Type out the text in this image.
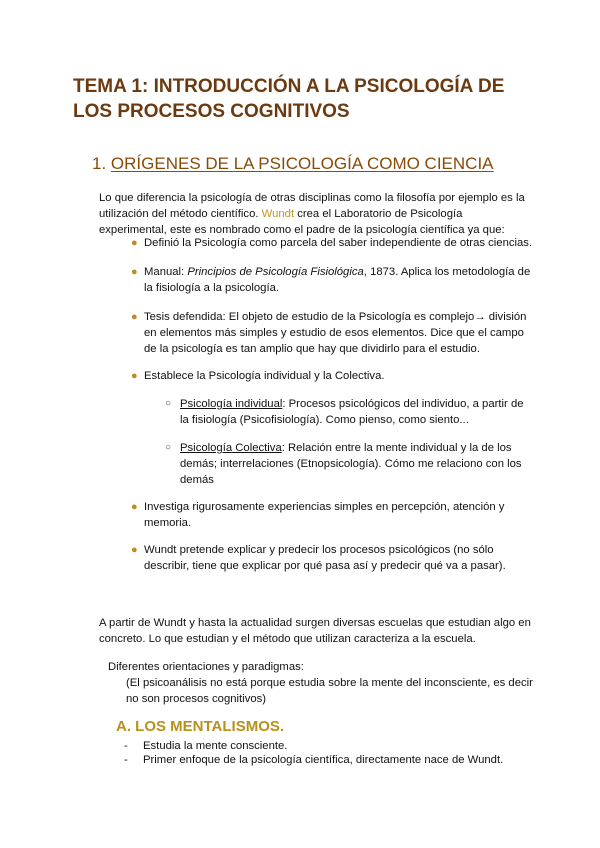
TEMA 1: INTRODUCCIÓN A LA PSICOLOGÍA DE
LOS PROCESOS COGNITIVOS
1. ORÍGENES DE LA PSICOLOGÍA COMO CIENCIA

Lo que diferencia la psicología de otras disciplinas como la filosofía por ejemplo es la
utilización del método científico. Wundt crea el Laboratorio de Psicología
experimental, este es nombrado como el padre de la psicología científica ya que:

● Definió la Psicología como parcela del saber independiente de otras ciencias.
● Manual: Principios de Psicología Fisiológica, 1873. Aplica los metodología de
la fisiología a la psicología.
● Tesis defendida: El objeto de estudio de la Psicología es complejo→ división
en elementos más simples y estudio de esos elementos. Dice que el campo
de la psicología es tan amplio que hay que dividirlo para el estudio.
● Establece la Psicología individual y la Colectiva.
○ Psicología individual: Procesos psicológicos del individuo, a partir de
la fisiología (Psicofisiología). Como pienso, como siento...
○ Psicología Colectiva: Relación entre la mente individual y la de los
demás; interrelaciones (Etnopsicología). Cómo me relaciono con los
demás
● Investiga rigurosamente experiencias simples en percepción, atención y
memoria.
● Wundt pretende explicar y predecir los procesos psicológicos (no sólo
describir, tiene que explicar por qué pasa así y predecir qué va a pasar).

A partir de Wundt y hasta la actualidad surgen diversas escuelas que estudian algo en
concreto. Lo que estudian y el método que utilizan caracteriza a la escuela.

Diferentes orientaciones y paradigmas:
(El psicoanálisis no está porque estudia sobre la mente del inconsciente, es decir
no son procesos cognitivos)

A. LOS MENTALISMOS.
- Estudia la mente consciente.
- Primer enfoque de la psicología científica, directamente nace de Wundt.
